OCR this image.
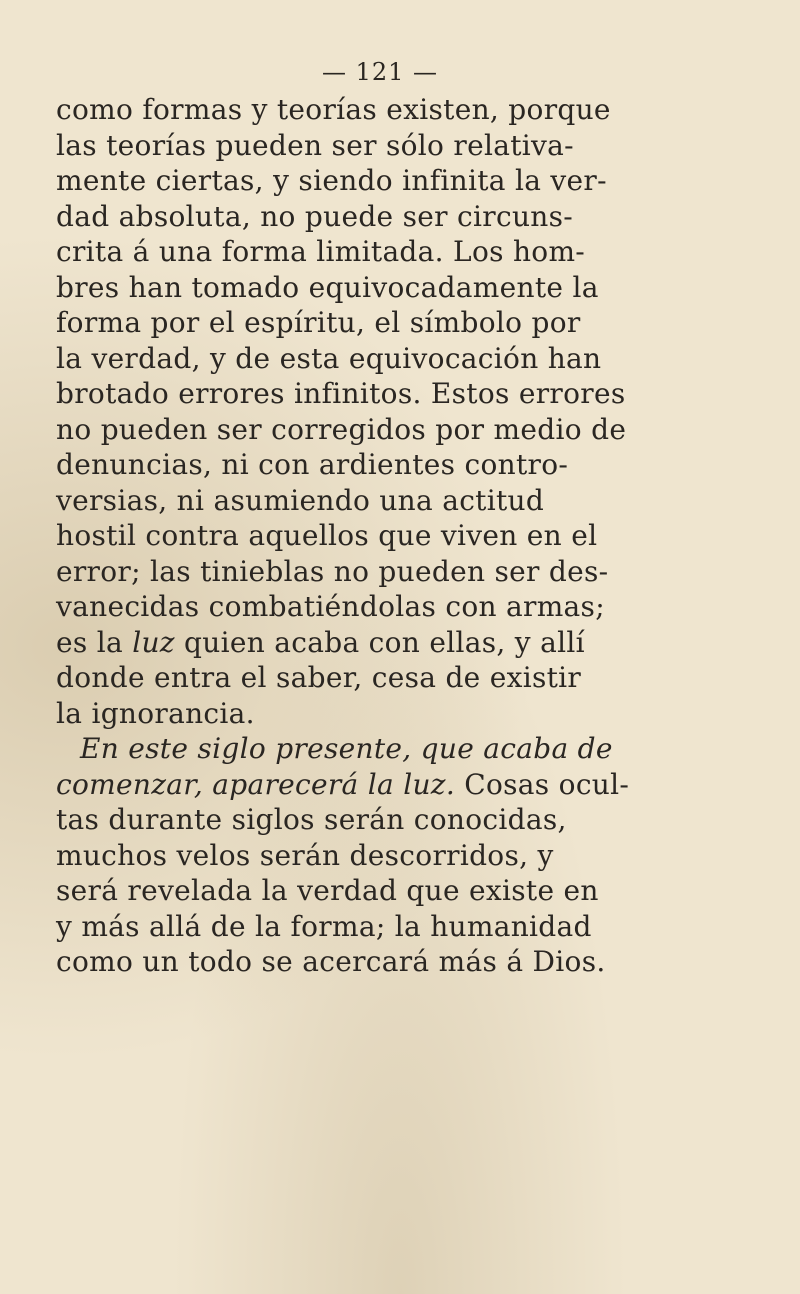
— 121 —
como formas y teorías existen, porque
las teorías pueden ser sólo relativa-
mente ciertas, y siendo infinita la ver-
dad absoluta, no puede ser circuns-
crita á una forma limitada. Los hom-
bres han tomado equivocadamente la
forma por el espíritu, el símbolo por
la verdad, y de esta equivocación han
brotado errores infinitos. Estos errores
no pueden ser corregidos por medio de
denuncias, ni con ardientes contro-
versias, ni asumiendo una actitud
hostil contra aquellos que viven en el
error; las tinieblas no pueden ser des-
vanecidas combatiéndolas con armas;
es la luz quien acaba con ellas, y allí
donde entra el saber, cesa de existir
la ignorancia.
En este siglo presente, que acaba de
comenzar, aparecerá la luz. Cosas ocul-
tas durante siglos serán conocidas,
muchos velos serán descorridos, y
será revelada la verdad que existe en
y más allá de la forma; la humanidad
como un todo se acercará más á Dios.
